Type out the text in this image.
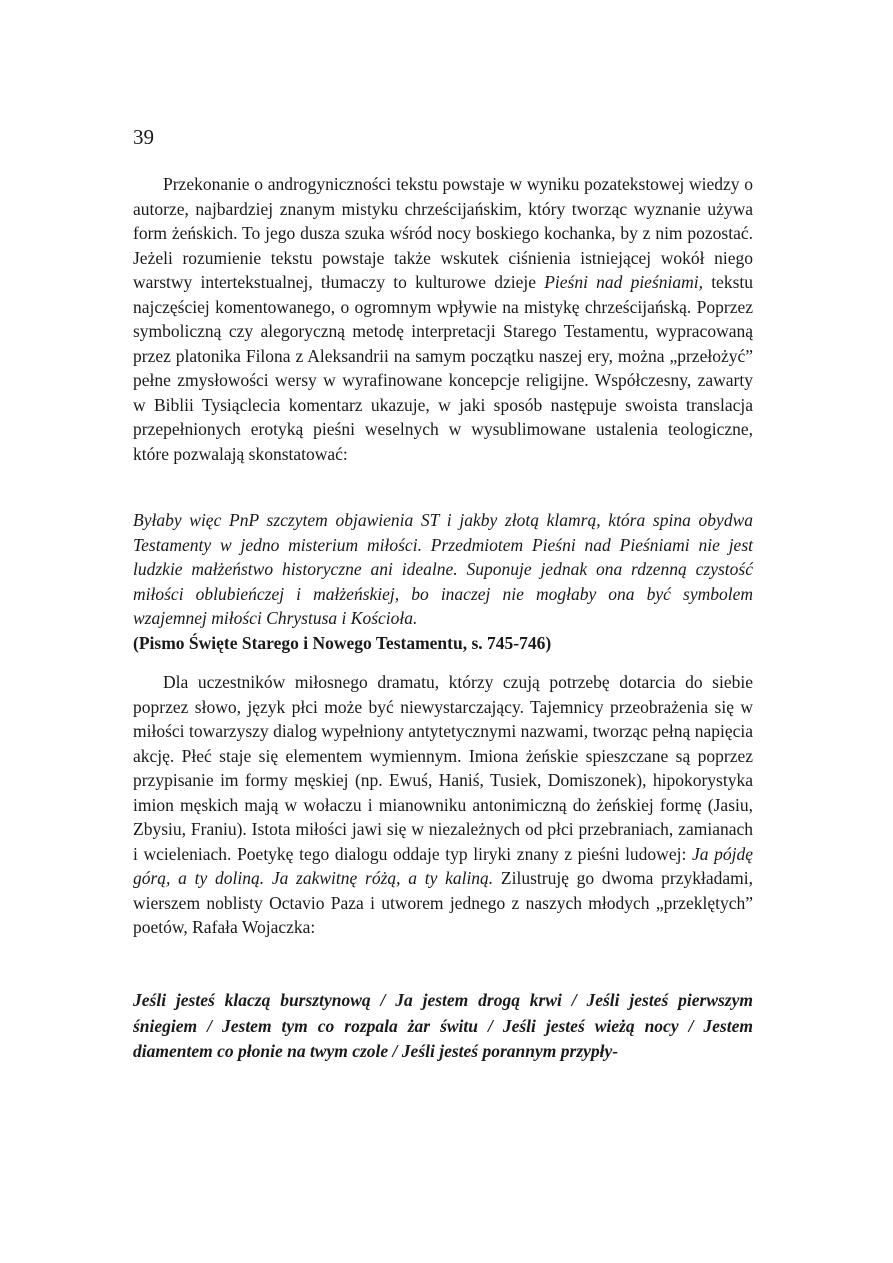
39

Przekonanie o androgyniczności tekstu powstaje w wyniku pozatekstowej wiedzy o autorze, najbardziej znanym mistyku chrześcijańskim, który tworząc wyznanie używa form żeńskich. To jego dusza szuka wśród nocy boskiego kochanka, by z nim pozostać. Jeżeli rozumienie tekstu powstaje także wskutek ciśnienia istniejącej wokół niego warstwy intertekstualnej, tłumaczy to kulturowe dzieje Pieśni nad pieśniami, tekstu najczęściej komentowanego, o ogromnym wpływie na mistykę chrześcijańską. Poprzez symboliczną czy alegoryczną metodę interpretacji Starego Testamentu, wypracowaną przez platonika Filona z Aleksandrii na samym początku naszej ery, można „przełożyć” pełne zmysłowości wersy w wyrafinowane koncepcje religijne. Współczesny, zawarty w Biblii Tysiąclecia komentarz ukazuje, w jaki sposób następuje swoista translacja przepełnionych erotyką pieśni weselnych w wysublimowane ustalenia teologiczne, które pozwalają skonstatować:

Byłaby więc PnP szczytem objawienia ST i jakby złotą klamrą, która spina obydwa Testamenty w jedno misterium miłości. Przedmiotem Pieśni nad Pieśniami nie jest ludzkie małżeństwo historyczne ani idealne. Suponuje jednak ona rdzenną czystość miłości oblubieńczej i małżeńskiej, bo inaczej nie mogłaby ona być symbolem wzajemnej miłości Chrystusa i Kościoła.
(Pismo Święte Starego i Nowego Testamentu, s. 745-746)

Dla uczestników miłosnego dramatu, którzy czują potrzebę dotarcia do siebie poprzez słowo, język płci może być niewystarczający. Tajemnicy przeobrażenia się w miłości towarzyszy dialog wypełniony antytetycznymi nazwami, tworząc pełną napięcia akcję. Płeć staje się elementem wymiennym. Imiona żeńskie spieszczane są poprzez przypisanie im formy męskiej (np. Ewuś, Haniś, Tusiek, Domiszonek), hipokorystyka imion męskich mają w wołaczu i mianowniku antonimiczną do żeńskiej formę (Jasiu, Zbysiu, Franiu). Istota miłości jawi się w niezależnych od płci przebraniach, zamianach i wcieleniach. Poetykę tego dialogu oddaje typ liryki znany z pieśni ludowej: Ja pójdę górą, a ty doliną. Ja zakwitnę różą, a ty kaliną. Zilustruję go dwoma przykładami, wierszem noblisty Octavio Paza i utworem jednego z naszych młodych „przeklętych” poetów, Rafała Wojaczka:

Jeśli jesteś klaczą bursztynową / Ja jestem drogą krwi / Jeśli jesteś pierwszym śniegiem / Jestem tym co rozpala żar świtu / Jeśli jesteś wieżą nocy / Jestem diamentem co płonie na twym czole / Jeśli jesteś porannym przypły-
